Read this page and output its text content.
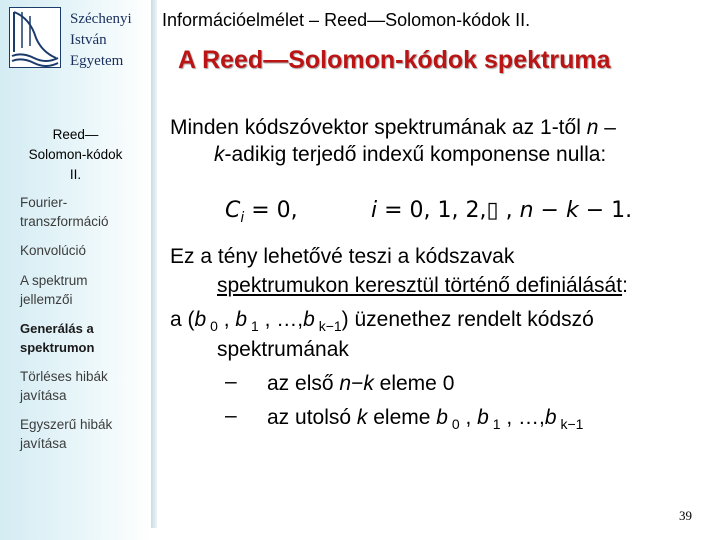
Széchenyi
István
Egyetem
Reed—
Solomon-kódok
II.
Fourier-
transzformáció
Konvolúció
A spektrum
jellemzői
Generálás a
spektrumon
Törléses hibák
javítása
Egyszerű hibák
javítása
Információelmélet – Reed—Solomon-kódok II.
A Reed—Solomon-kódok spektruma
Minden kódszóvektor spektrumának az 1-től n –
k-adikig terjedő indexű komponense nulla:
$C_i = 0$,	i = 0, 1, 2,▯ , n − k − 1.
Ez a tény lehetővé teszi a kódszavak
spektrumukon keresztül történő definiálását:
a (b $_0$ , b $_1$ , …,b $_{k-1}$) üzenethez rendelt kódszó
spektrumának
– az első n−k eleme 0
– az utolsó k eleme b $_0$ , b $_1$ , …,b $_{k-1}$
39
